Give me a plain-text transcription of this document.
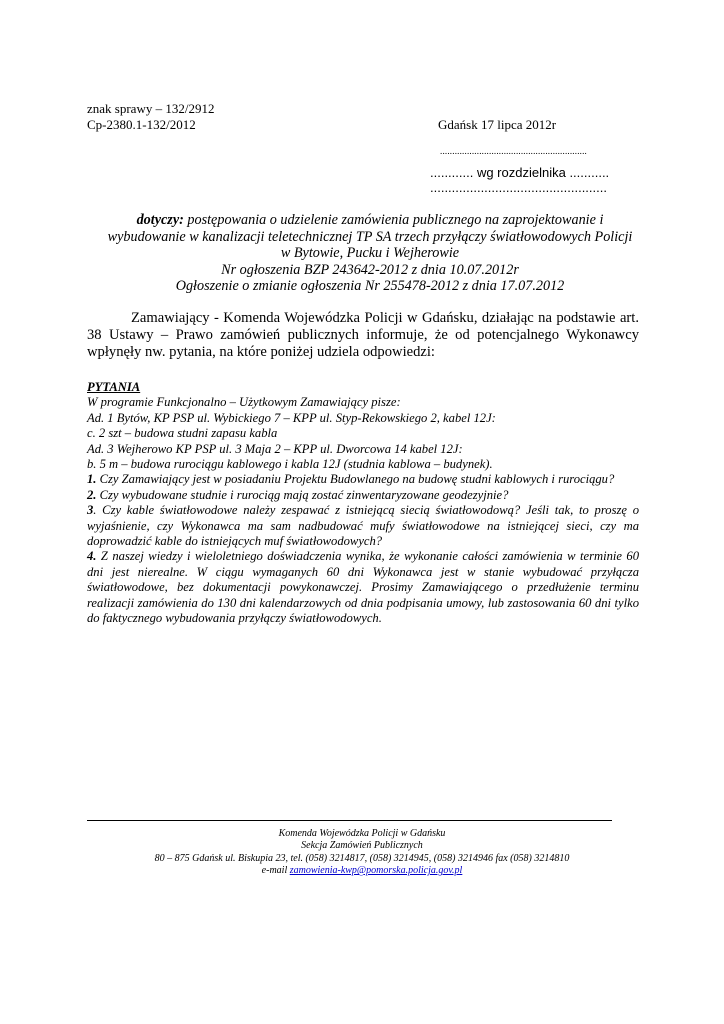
znak sprawy – 132/2912
Cp-2380.1-132/2012	Gdańsk 17 lipca 2012r
............................................................
............ wg rozdzielnika ...........
.................................................
dotyczy: postępowania o udzielenie zamówienia publicznego na zaprojektowanie i
wybudowanie w kanalizacji teletechnicznej TP SA trzech przyłączy światłowodowych Policji
w Bytowie, Pucku i Wejherowie
Nr ogłoszenia BZP 243642-2012 z dnia 10.07.2012r
Ogłoszenie o zmianie ogłoszenia Nr 255478-2012 z dnia 17.07.2012
Zamawiający - Komenda Wojewódzka Policji w Gdańsku, działając na podstawie art. 38 Ustawy – Prawo zamówień publicznych informuje, że od potencjalnego Wykonawcy wpłynęły nw. pytania, na które poniżej udziela odpowiedzi:
PYTANIA
W programie Funkcjonalno – Użytkowym Zamawiający pisze:
Ad. 1 Bytów, KP PSP ul. Wybickiego 7 – KPP ul. Styp-Rekowskiego 2, kabel 12J:
c. 2 szt – budowa studni zapasu kabla
Ad. 3 Wejherowo KP PSP ul. 3 Maja 2 – KPP ul. Dworcowa 14 kabel 12J:
b. 5 m – budowa rurociągu kablowego i kabla 12J (studnia kablowa – budynek).
1. Czy Zamawiający jest w posiadaniu Projektu Budowlanego na budowę studni kablowych i rurociągu?
2. Czy wybudowane studnie i rurociąg mają zostać zinwentaryzowane geodezyjnie?
3. Czy kable światłowodowe należy zespawać z istniejącą siecią światłowodową? Jeśli tak, to proszę o wyjaśnienie, czy Wykonawca ma sam nadbudować mufy światłowodowe na istniejącej sieci, czy ma doprowadzić kable do istniejących muf światłowodowych?
4. Z naszej wiedzy i wieloletniego doświadczenia wynika, że wykonanie całości zamówienia w terminie 60 dni jest nierealne. W ciągu wymaganych 60 dni Wykonawca jest w stanie wybudować przyłącza światłowodowe, bez dokumentacji powykonawczej. Prosimy Zamawiającego o przedłużenie terminu realizacji zamówienia do 130 dni kalendarzowych od dnia podpisania umowy, lub zastosowania 60 dni tylko do faktycznego wybudowania przyłączy światłowodowych.
Komenda Wojewódzka Policji w Gdańsku
Sekcja Zamówień Publicznych
80 – 875 Gdańsk ul. Biskupia 23, tel. (058) 3214817, (058) 3214945, (058) 3214946 fax (058) 3214810
e-mail zamowienia-kwp@pomorska.policja.gov.pl
